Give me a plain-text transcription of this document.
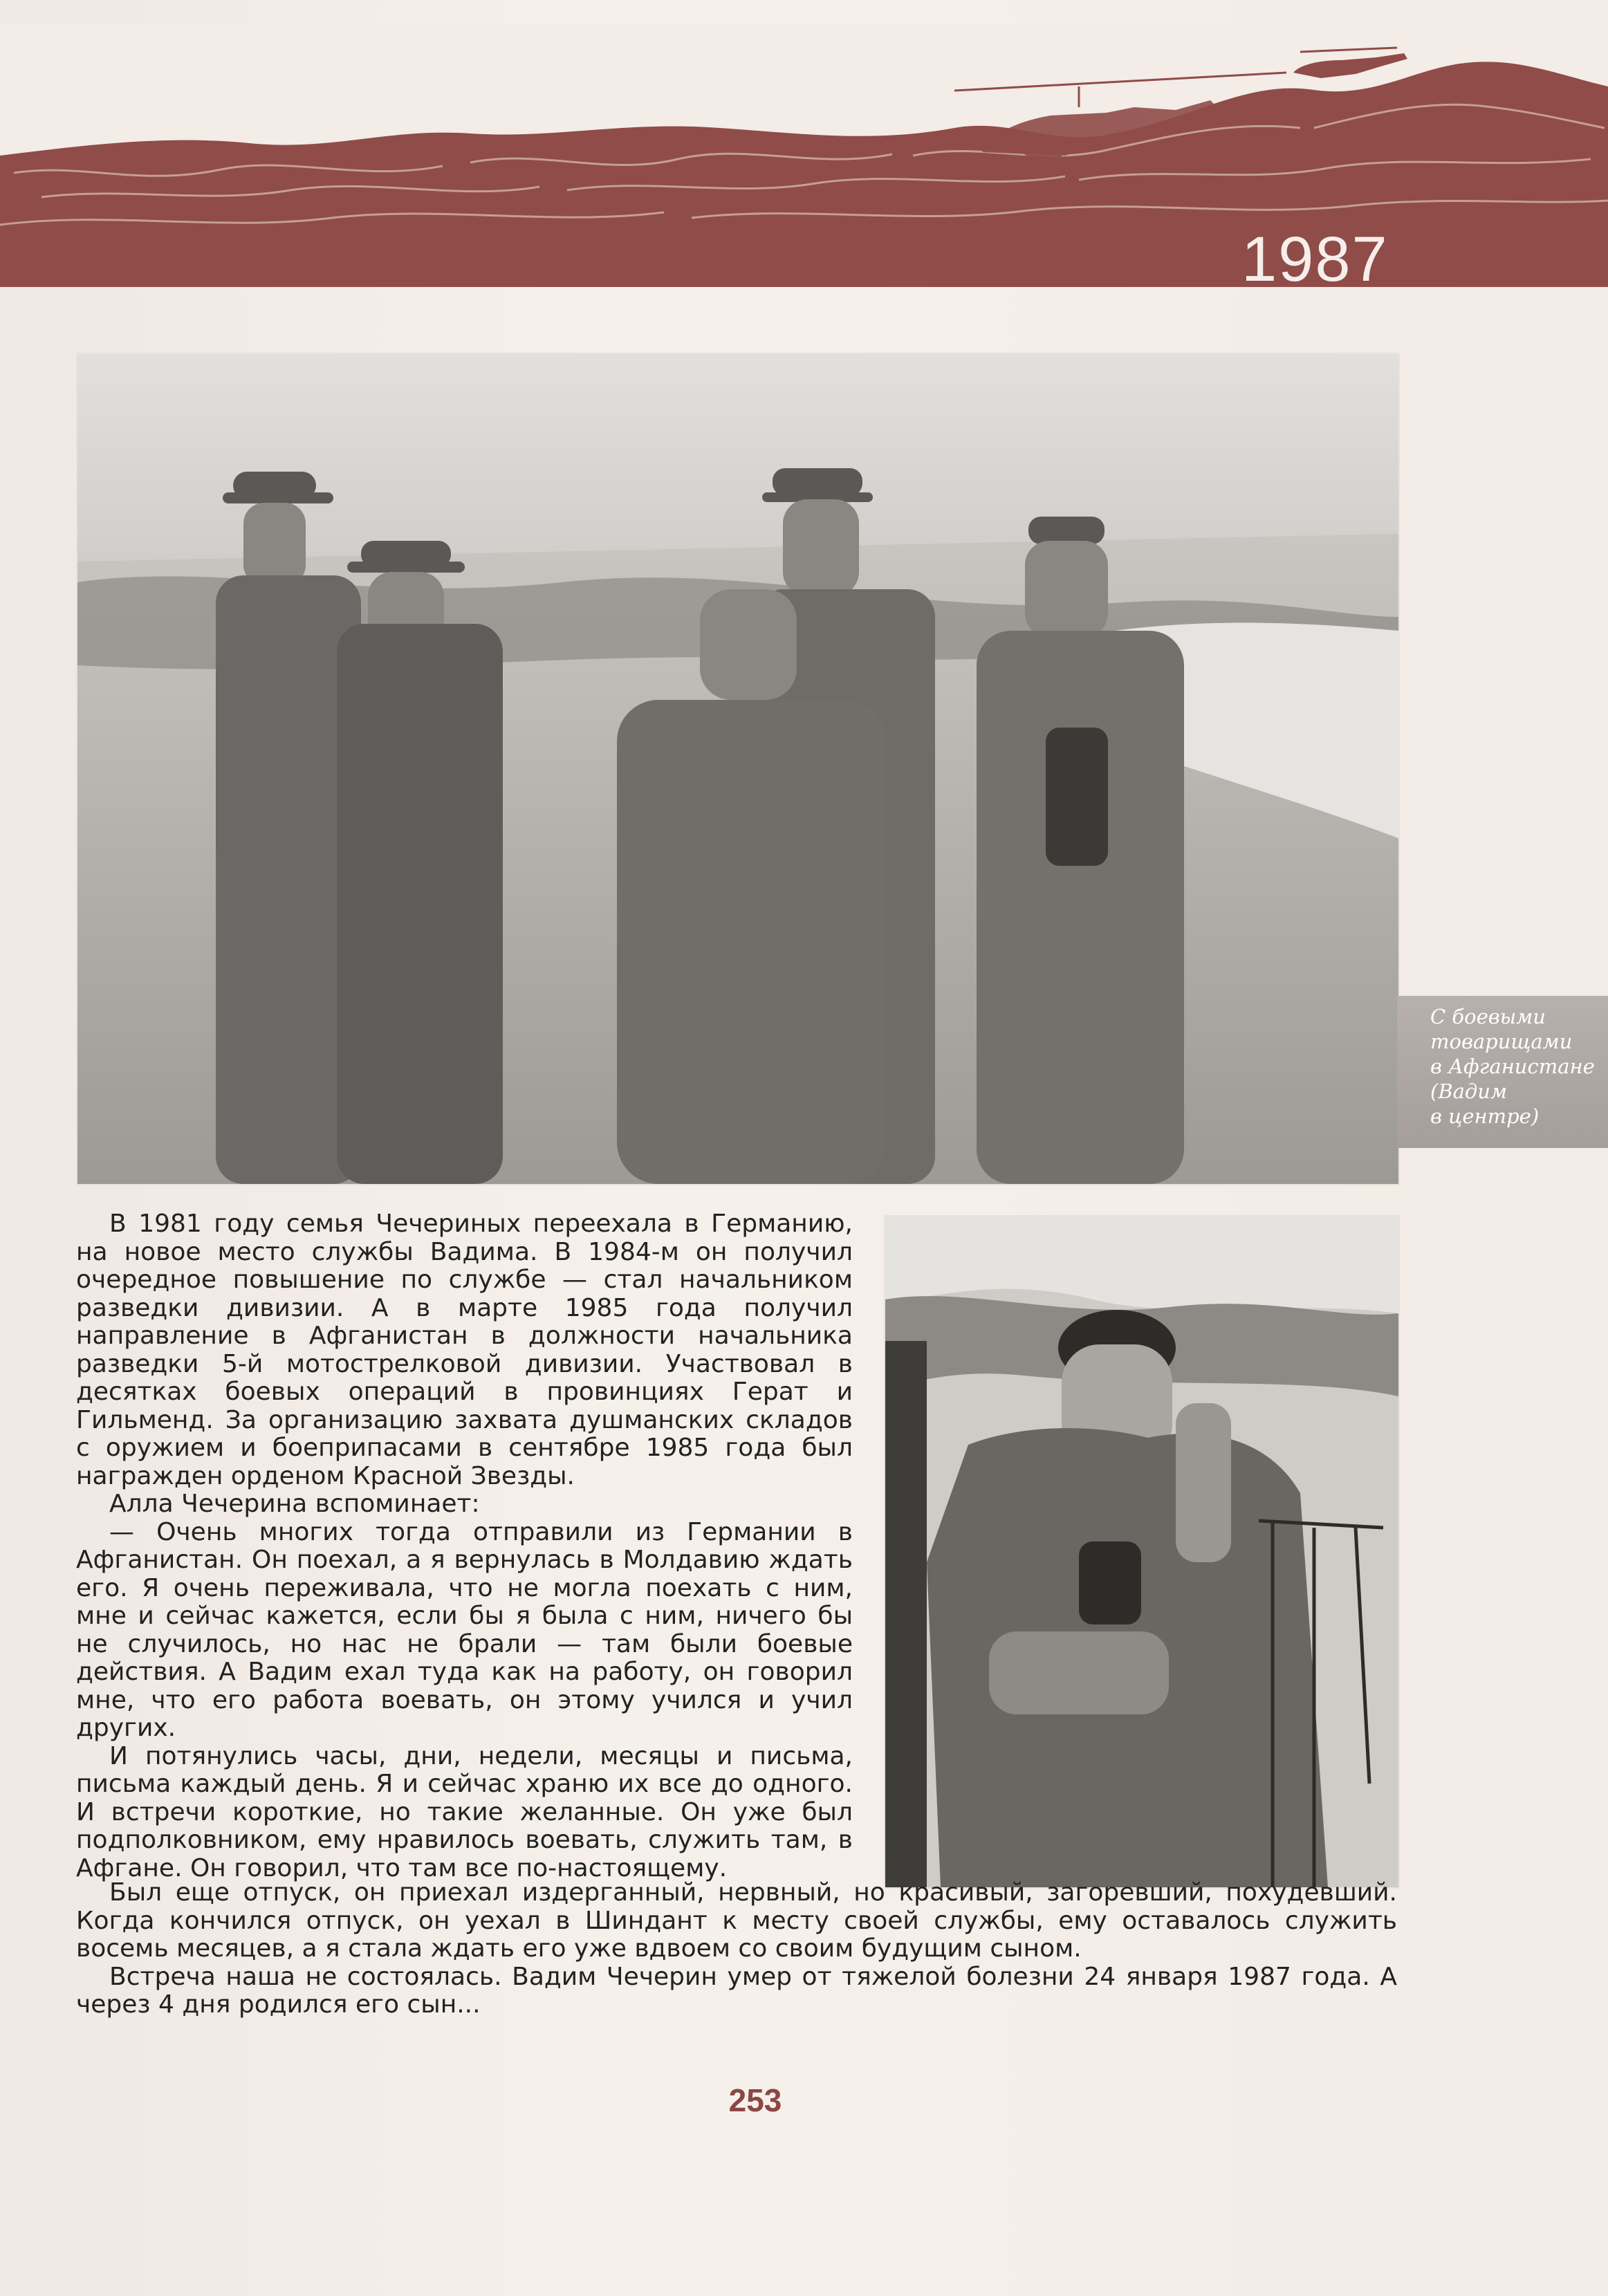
1987
С боевыми
товарищами
в Афганистане
(Вадим
в центре)

В 1981 году семья Чечериных переехала в Германию, на новое место службы Вадима. В 1984-м он получил очередное повышение по службе — стал начальником разведки дивизии. А в марте 1985 года получил направление в Афганистан в должности начальника разведки 5-й мотострелковой дивизии. Участвовал в десятках боевых операций в провинциях Герат и Гильменд. За организацию захвата душманских складов с оружием и боеприпасами в сентябре 1985 года был награжден орденом Красной Звезды.

Алла Чечерина вспоминает:

— Очень многих тогда отправили из Германии в Афганистан. Он поехал, а я вернулась в Молдавию ждать его. Я очень переживала, что не могла поехать с ним, мне и сейчас кажется, если бы я была с ним, ничего бы не случилось, но нас не брали — там были боевые действия. А Вадим ехал туда как на работу, он говорил мне, что его работа воевать, он этому учился и учил других.

И потянулись часы, дни, недели, месяцы и письма, письма каждый день. Я и сейчас храню их все до одного. И встречи короткие, но такие желанные. Он уже был подполковником, ему нравилось воевать, служить там, в Афгане. Он говорил, что там все по-настоящему.

Был еще отпуск, он приехал издерганный, нервный, но красивый, загоревший, похудевший. Когда кончился отпуск, он уехал в Шиндант к месту своей службы, ему оставалось служить восемь месяцев, а я стала ждать его уже вдвоем со своим будущим сыном.

Встреча наша не состоялась. Вадим Чечерин умер от тяжелой болезни 24 января 1987 года. А через 4 дня родился его сын...

253
